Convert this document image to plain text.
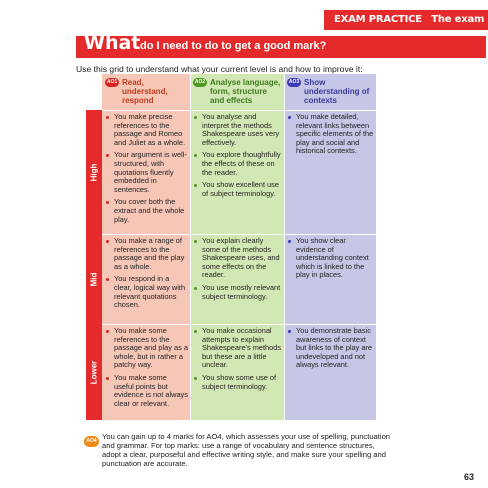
EXAM PRACTICE The exam
What do I need to do to get a good mark?
Use this grid to understand what your current level is and how to improve it:
AO1 Read, understand, respond
AO2 Analyse language, form, structure and effects
AO3 Show understanding of contexts
High
Mid
Lower
You make precise references to the passage and Romeo and Juliet as a whole.
Your argument is well-structured, with quotations fluently embedded in sentences.
You cover both the extract and the whole play.
You analyse and interpret the methods Shakespeare uses very effectively.
You explore thoughtfully the effects of these on the reader.
You show excellent use of subject terminology.
You make detailed, relevant links between specific elements of the play and social and historical contexts.
You make a range of references to the passage and the play as a whole.
You respond in a clear, logical way with relevant quotations chosen.
You explain clearly some of the methods Shakespeare uses, and some effects on the reader.
You use mostly relevant subject terminology.
You show clear evidence of understanding context which is linked to the play in places.
You make some references to the passage and play as a whole, but in rather a patchy way.
You make some useful points but evidence is not always clear or relevant.
You make occasional attempts to explain Shakespeare's methods but these are a little unclear.
You show some use of subject terminology.
You demonstrate basic awareness of context but links to the play are undeveloped and not always relevant.
AO4 You can gain up to 4 marks for AO4, which assesses your use of spelling, punctuation and grammar. For top marks: use a range of vocabulary and sentence structures, adopt a clear, purposeful and effective writing style, and make sure your spelling and punctuation are accurate.
63
